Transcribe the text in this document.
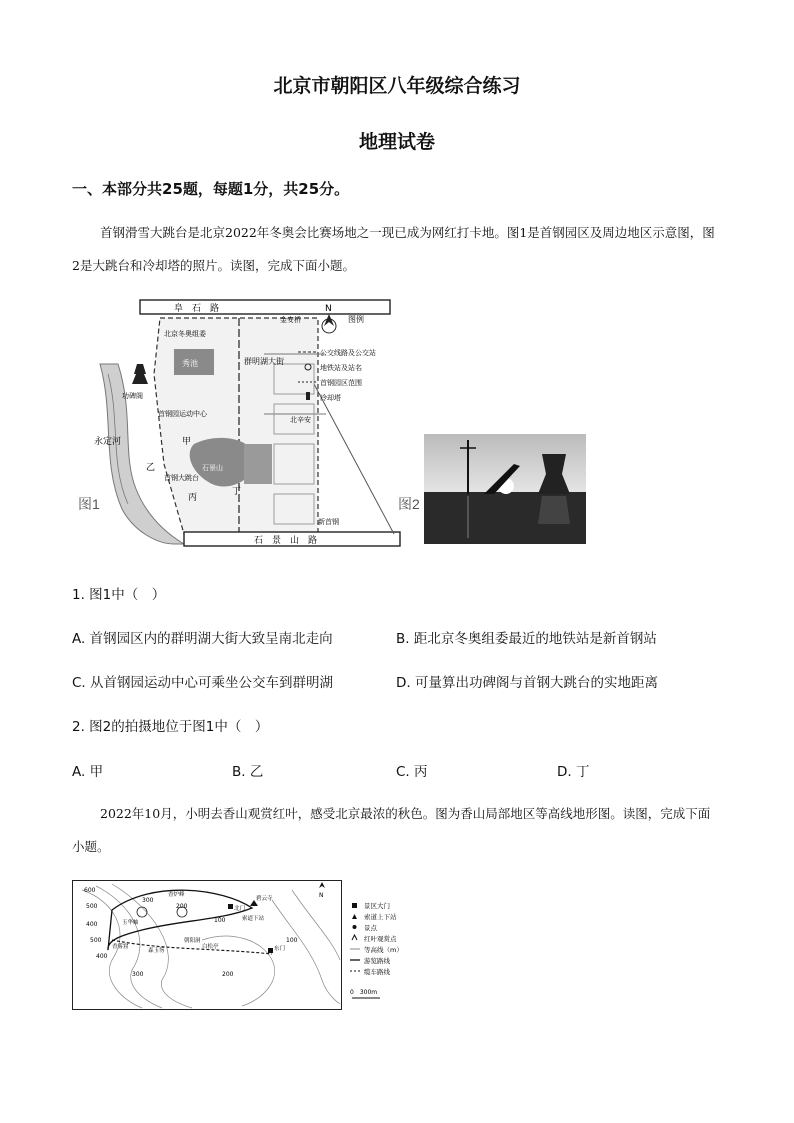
北京市朝阳区八年级综合练习
地理试卷
一、本部分共25题，每题1分，共25分。
首钢滑雪大跳台是北京2022年冬奥会比赛场地之一现已成为网红打卡地。图1是首钢园区及周边地区示意图，图2是大跳台和冷却塔的照片。读图，完成下面小题。
N
阜　石　路
石　景　山　路
北京冬奥组委
秀池
功碑阁
首钢园运动中心
石景山
首钢大跳台
永定河
金安桥
北辛安
新首钢
群明湖大街
甲
乙
丙
丁
图例
公交线路及公交站
地铁站及站名
首钢园区范围
冷却塔
图1	图2
1. 图1中（　）
A. 首钢园区内的群明湖大街大致呈南北走向	B. 距北京冬奥组委最近的地铁站是新首钢站
C. 从首钢园运动中心可乘坐公交车到群明湖	D. 可量算出功碑阁与首钢大跳台的实地距离
2. 图2的拍摄地位于图1中（　）
A. 甲	B. 乙	C. 丙	D. 丁
2022年10月，小明去香山观赏红叶，感受北京最浓的秋色。图为香山局部地区等高线地形图。读图，完成下面小题。
N
600
500
400
300
200
100
500
400
300	200
100
玉华岫
香炉峰
香雾窟
森玉笏
朝阳洞
白松亭
北门
东门
碧云寺
索道下站
景区大门
索道上下站
景点
红叶观赏点
等高线（m）
游览路线
缆车路线
0　300m
